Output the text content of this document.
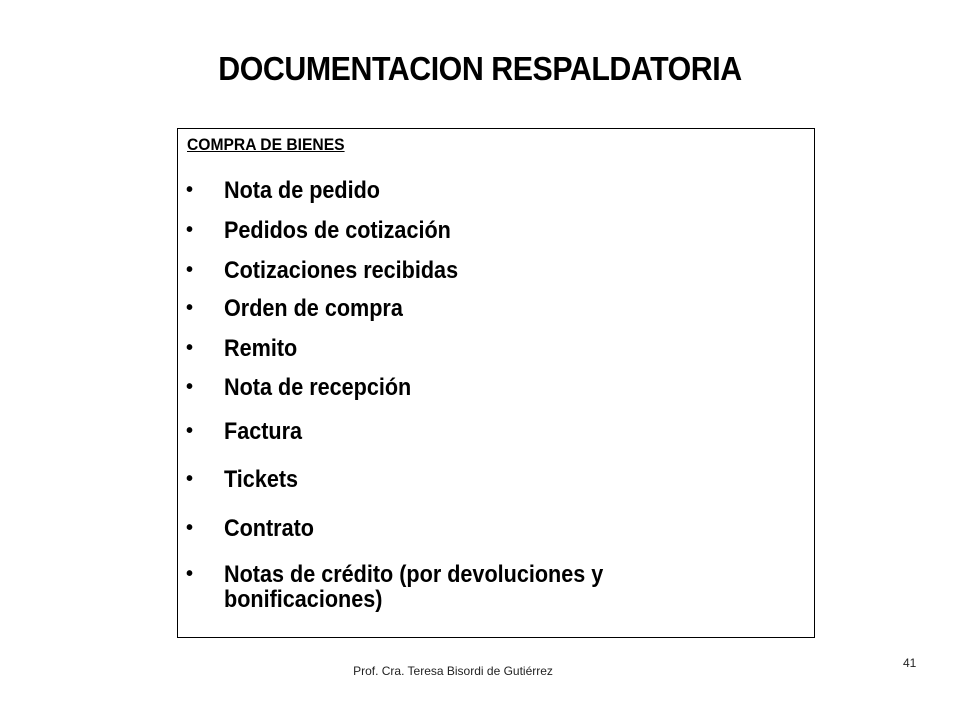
DOCUMENTACION RESPALDATORIA
COMPRA DE BIENES
• Nota de pedido
• Pedidos de cotización
• Cotizaciones recibidas
• Orden de compra
• Remito
• Nota de recepción
• Factura
• Tickets
• Contrato
• Notas de crédito (por devoluciones y bonificaciones)
Prof. Cra. Teresa Bisordi de Gutiérrez
41
